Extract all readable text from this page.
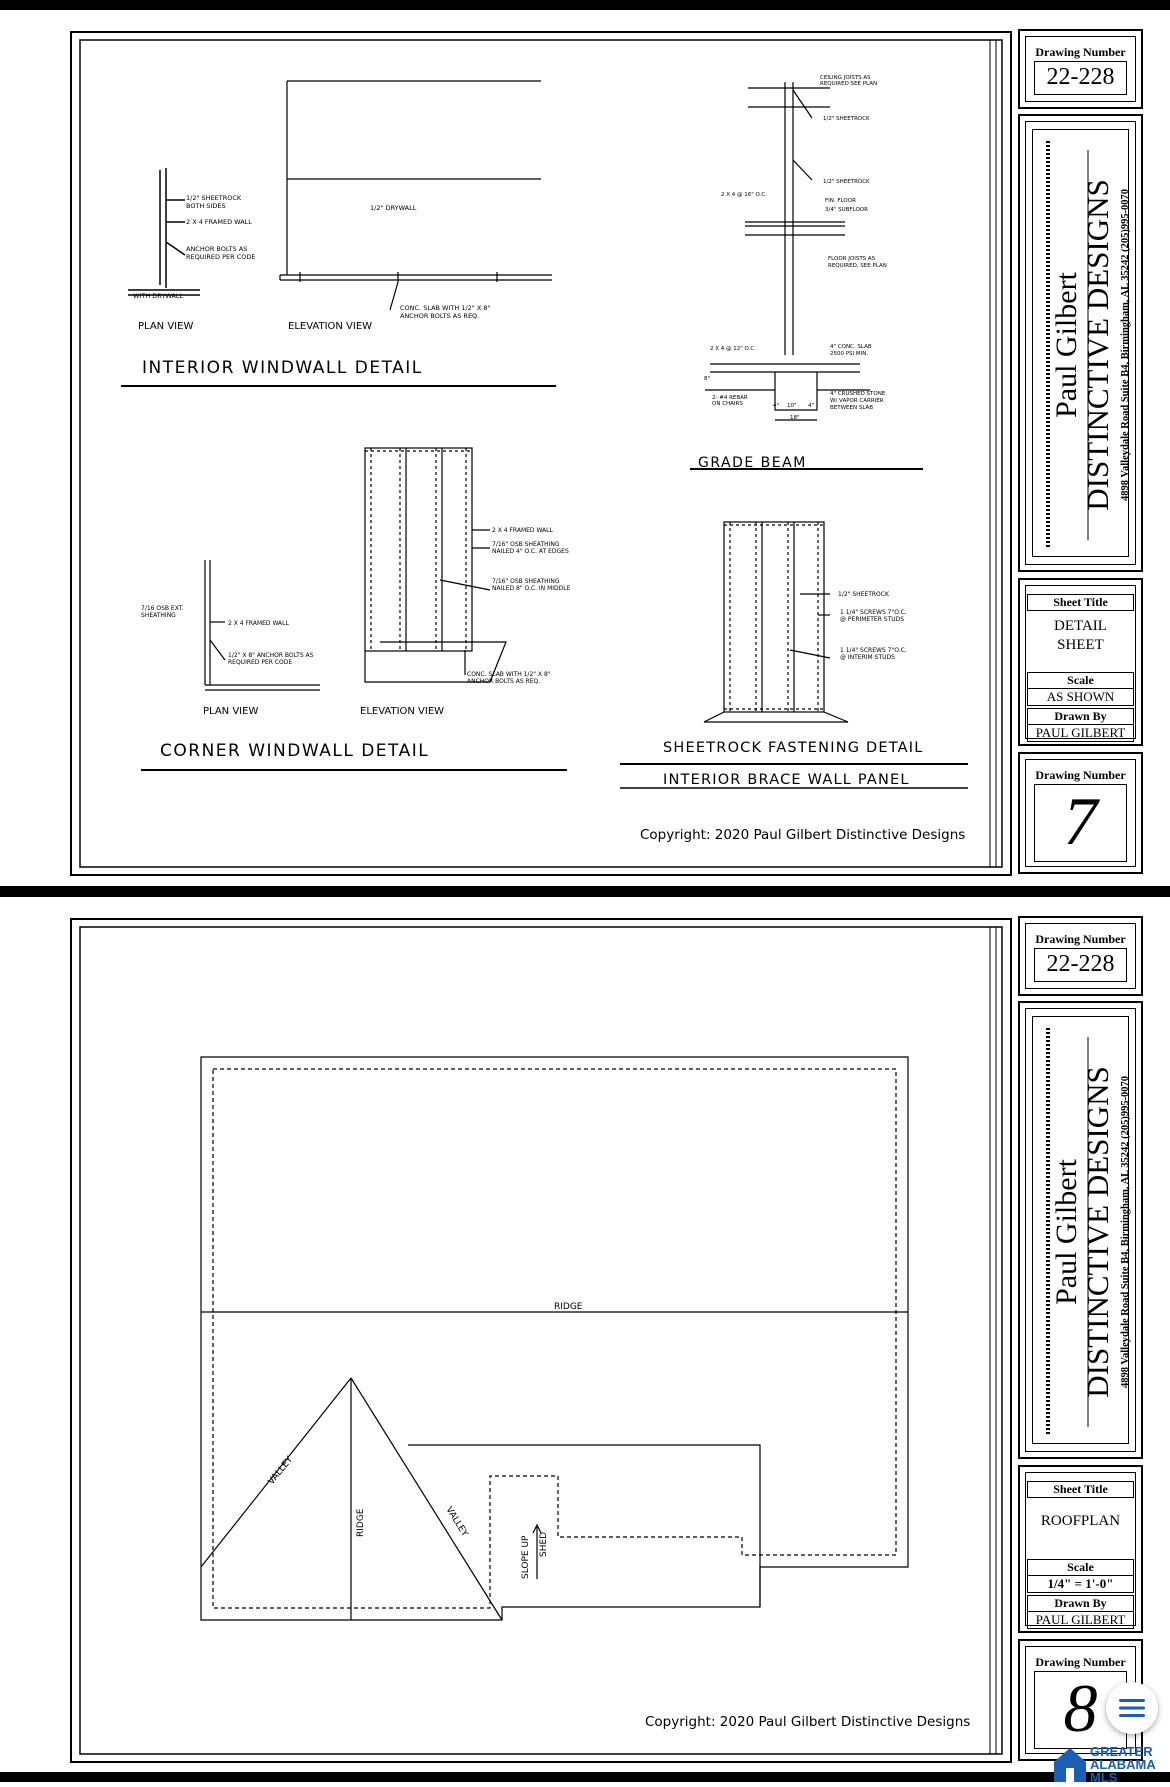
1/2" SHEETROCK
BOTH SIDES
2 X 4 FRAMED WALL
ANCHOR BOLTS AS
REQUIRED PER CODE
WITH DRYWALL
PLAN VIEW
1/2" DRYWALL
CONC. SLAB WITH 1/2" X 8"
ANCHOR BOLTS AS REQ.
ELEVATION VIEW
INTERIOR WINDWALL DETAIL
CEILING JOISTS AS
REQUIRED SEE PLAN
1/2" SHEETROCK
1/2" SHEETROCK
2 X 4 @ 16" O.C.
FIN. FLOOR
3/4" SUBFLOOR
FLOOR JOISTS AS
REQUIRED, SEE PLAN
2 X 4 @ 12" O.C.	4" CONC. SLAB
2500 PSI MIN.
4" CRUSHED STONE
W/ VAPOR CARRIER
BETWEEN SLAB
2- #4 REBAR
ON CHAIRS	4" 10" 4"
18"
8"
GRADE BEAM
7/16 OSB EXT.
SHEATHING
2 X 4 FRAMED WALL
1/2" X 8" ANCHOR BOLTS AS
REQUIRED PER CODE
2 X 4 FRAMED WALL
7/16" OSB SHEATHING
NAILED 4" O.C. AT EDGES
7/16" OSB SHEATHING
NAILED 8" O.C. IN MIDDLE
CONC. SLAB WITH 1/2" X 8"
ANCHOR BOLTS AS REQ.
PLAN VIEW	ELEVATION VIEW
CORNER WINDWALL DETAIL
1/2" SHEETROCK
1 1/4" SCREWS 7"O.C.
@ PERIMETER STUDS
1 1/4" SCREWS 7"O.C.
@ INTERIM STUDS
SHEETROCK FASTENING DETAIL
INTERIOR BRACE WALL PANEL
Copyright: 2020 Paul Gilbert Distinctive Designs
Drawing Number
22-228
Paul Gilbert
DISTINCTIVE DESIGNS 4898 Valleydale Road Suite B4, Birmingham, AL 35242 (205)995-0070
Sheet Title
DETAIL
SHEET
Scale
AS SHOWN
Drawn By
PAUL GILBERT
Drawing Number
7
RIDGE
VALLEY
RIDGE	VALLEY
SLOPE UP SHED
Copyright: 2020 Paul Gilbert Distinctive Designs
Drawing Number
22-228
Paul Gilbert
DISTINCTIVE DESIGNS 4898 Valleydale Road Suite B4, Birmingham, AL 35242 (205)995-0070
Sheet Title
ROOFPLAN
Scale
1/4" = 1'-0"
Drawn By
PAUL GILBERT
Drawing Number
8
GREATER
ALABAMA
MLS
